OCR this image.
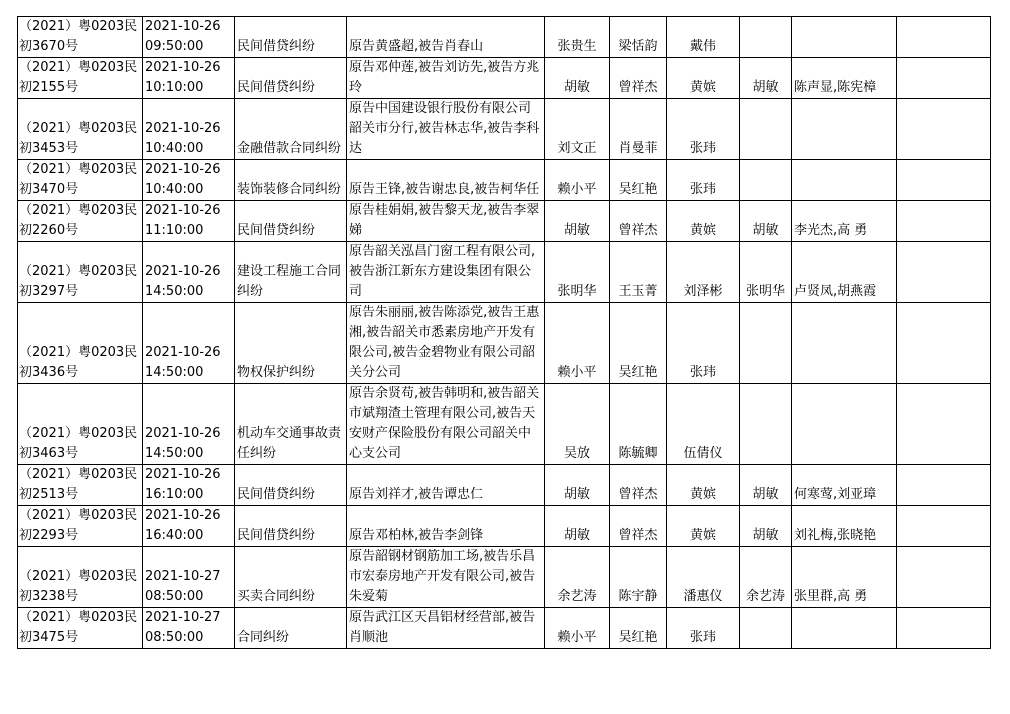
（2021）粤0203民初3670号	2021-10-26 09:50:00	民间借贷纠纷	原告黄盛超,被告肖春山	张贵生	梁恬韵	戴伟			
（2021）粤0203民初2155号	2021-10-26 10:10:00	民间借贷纠纷	原告邓仲莲,被告刘访先,被告方兆玲	胡敏	曾祥杰	黄嫔	胡敏	陈声显,陈宪樟	
（2021）粤0203民初3453号	2021-10-26 10:40:00	金融借款合同纠纷	原告中国建设银行股份有限公司韶关市分行,被告林志华,被告李科达	刘文正	肖曼菲	张玮			
（2021）粤0203民初3470号	2021-10-26 10:40:00	装饰装修合同纠纷	原告王锋,被告谢忠良,被告柯华任	赖小平	吴红艳	张玮			
（2021）粤0203民初2260号	2021-10-26 11:10:00	民间借贷纠纷	原告桂娟娟,被告黎天龙,被告李翠娣	胡敏	曾祥杰	黄嫔	胡敏	李光杰,高 勇	
（2021）粤0203民初3297号	2021-10-26 14:50:00	建设工程施工合同纠纷	原告韶关泓昌门窗工程有限公司,被告浙江新东方建设集团有限公司	张明华	王玉菁	刘泽彬	张明华	卢贤凤,胡燕霞	
（2021）粤0203民初3436号	2021-10-26 14:50:00	物权保护纠纷	原告朱丽丽,被告陈添党,被告王惠湘,被告韶关市悉素房地产开发有限公司,被告金碧物业有限公司韶关分公司	赖小平	吴红艳	张玮			
（2021）粤0203民初3463号	2021-10-26 14:50:00	机动车交通事故责任纠纷	原告余贤苟,被告韩明和,被告韶关市斌翔渣土管理有限公司,被告天安财产保险股份有限公司韶关中心支公司	吴放	陈毓卿	伍倩仪			
（2021）粤0203民初2513号	2021-10-26 16:10:00	民间借贷纠纷	原告刘祥才,被告谭忠仁	胡敏	曾祥杰	黄嫔	胡敏	何寒莺,刘亚璋	
（2021）粤0203民初2293号	2021-10-26 16:40:00	民间借贷纠纷	原告邓柏林,被告李剑锋	胡敏	曾祥杰	黄嫔	胡敏	刘礼梅,张晓艳	
（2021）粤0203民初3238号	2021-10-27 08:50:00	买卖合同纠纷	原告韶钢材钢筋加工场,被告乐昌市宏泰房地产开发有限公司,被告朱爱菊	余艺涛	陈宇静	潘惠仪	余艺涛	张里群,高 勇	
（2021）粤0203民初3475号	2021-10-27 08:50:00	合同纠纷	原告武江区天昌铝材经营部,被告肖顺池	赖小平	吴红艳	张玮			
